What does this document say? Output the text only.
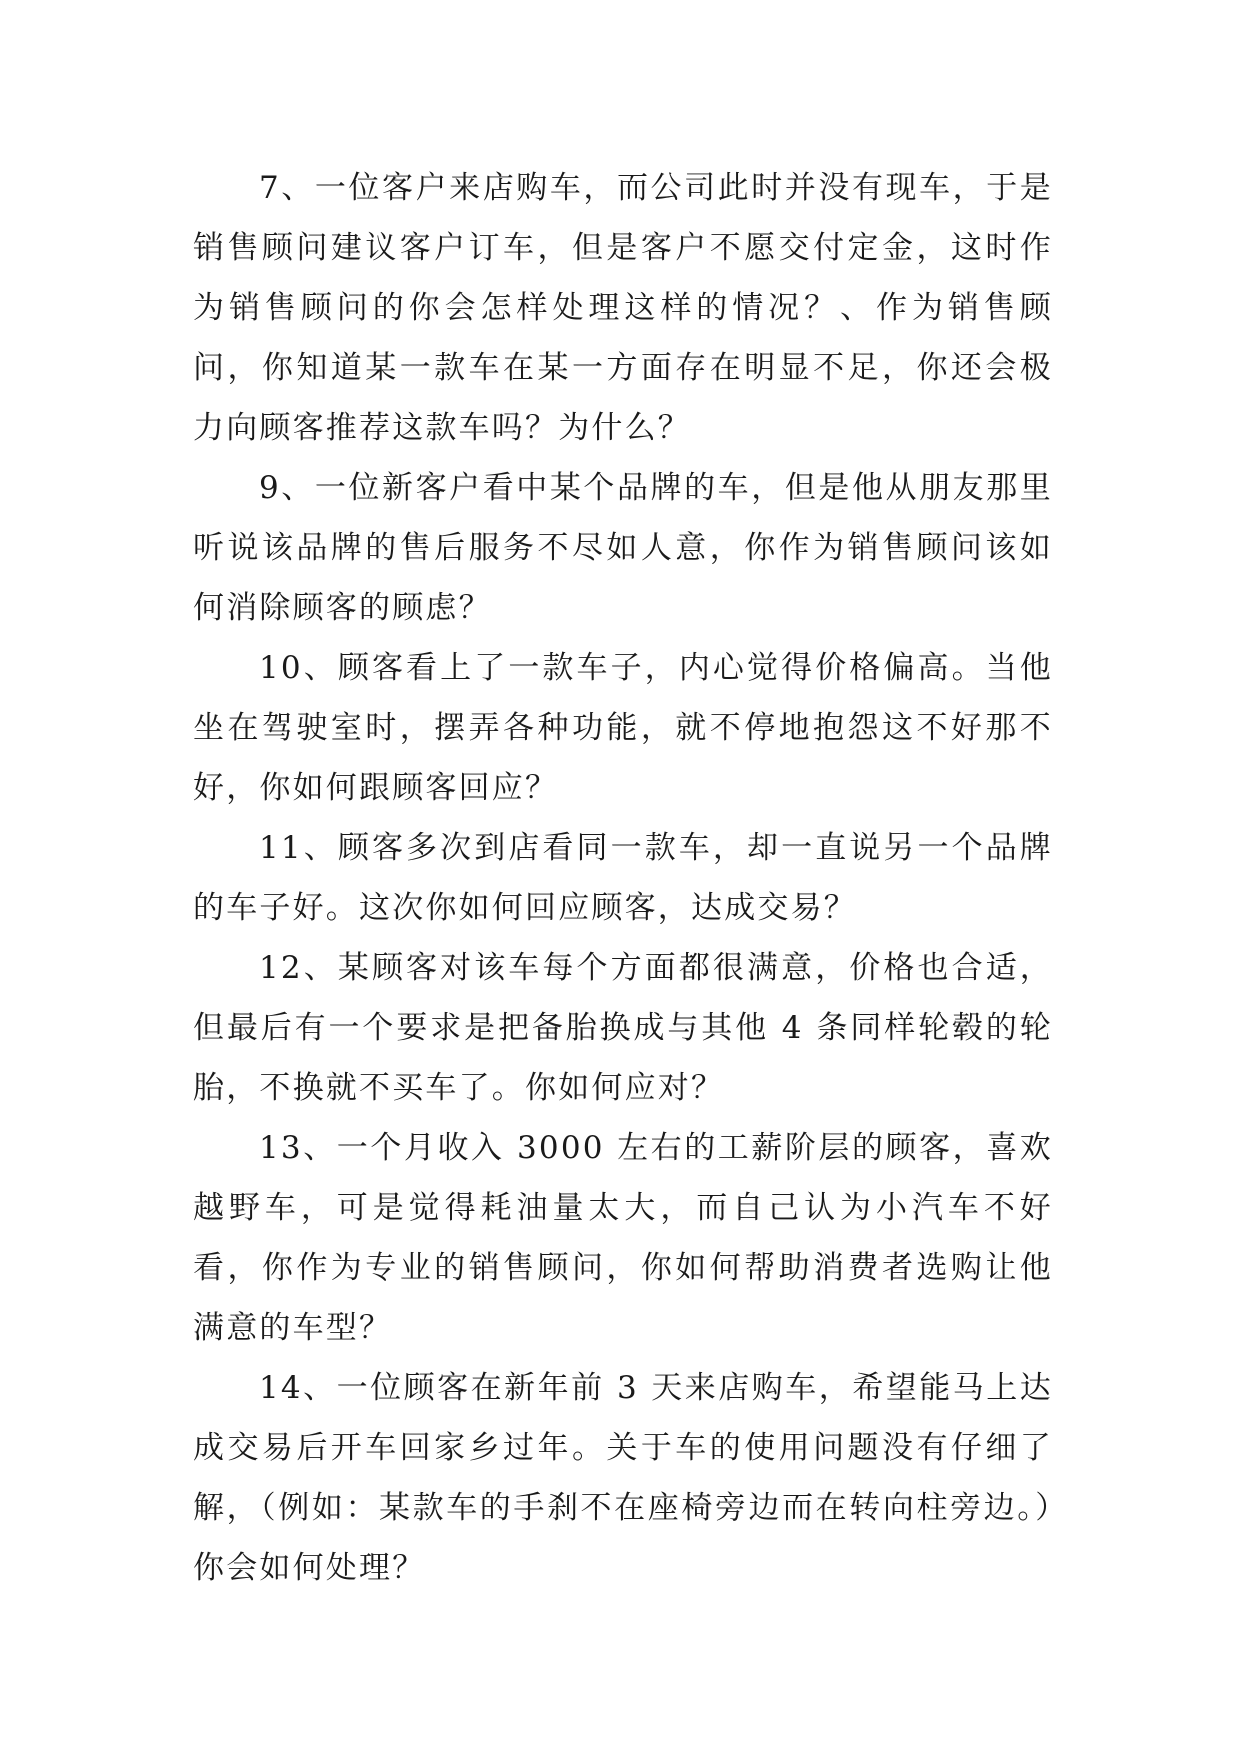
7、一位客户来店购车，而公司此时并没有现车，于是销售顾问建议客户订车，但是客户不愿交付定金，这时作为销售顾问的你会怎样处理这样的情况？、作为销售顾问，你知道某一款车在某一方面存在明显不足，你还会极力向顾客推荐这款车吗？为什么？

9、一位新客户看中某个品牌的车，但是他从朋友那里听说该品牌的售后服务不尽如人意，你作为销售顾问该如何消除顾客的顾虑？

10、顾客看上了一款车子，内心觉得价格偏高。当他坐在驾驶室时，摆弄各种功能，就不停地抱怨这不好那不好，你如何跟顾客回应？

11、顾客多次到店看同一款车，却一直说另一个品牌的车子好。这次你如何回应顾客，达成交易？

12、某顾客对该车每个方面都很满意，价格也合适，但最后有一个要求是把备胎换成与其他 4 条同样轮毂的轮胎，不换就不买车了。你如何应对？

13、一个月收入 3000 左右的工薪阶层的顾客，喜欢越野车，可是觉得耗油量太大，而自己认为小汽车不好看，你作为专业的销售顾问，你如何帮助消费者选购让他满意的车型？

14、一位顾客在新年前 3 天来店购车，希望能马上达成交易后开车回家乡过年。关于车的使用问题没有仔细了解，（例如：某款车的手刹不在座椅旁边而在转向柱旁边。）你会如何处理？
